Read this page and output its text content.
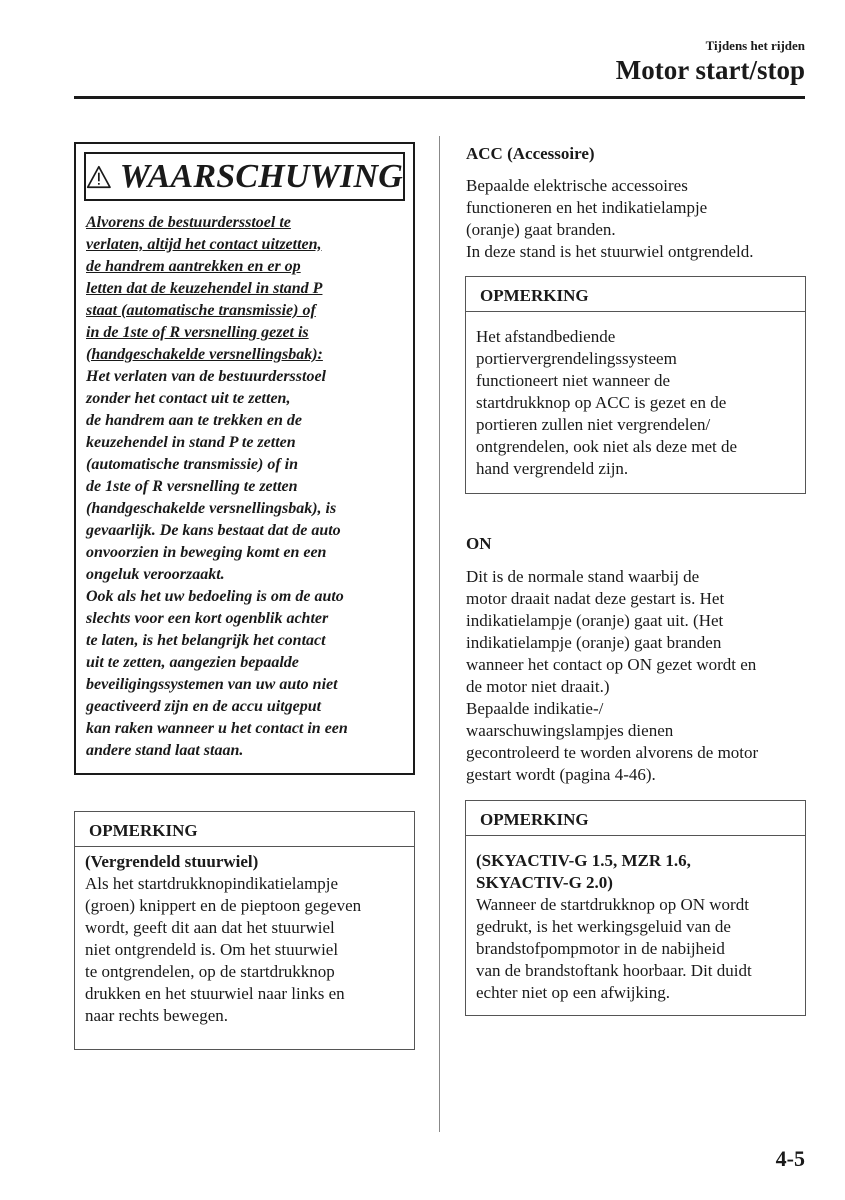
Tijdens het rijden
Motor start/stop
WAARSCHUWING
Alvorens de bestuurdersstoel te
verlaten, altijd het contact uitzetten,
de handrem aantrekken en er op
letten dat de keuzehendel in stand P
staat (automatische transmissie) of
in de 1ste of R versnelling gezet is
(handgeschakelde versnellingsbak):
Het verlaten van de bestuurdersstoel
zonder het contact uit te zetten,
de handrem aan te trekken en de
keuzehendel in stand P te zetten
(automatische transmissie) of in
de 1ste of R versnelling te zetten
(handgeschakelde versnellingsbak), is
gevaarlijk. De kans bestaat dat de auto
onvoorzien in beweging komt en een
ongeluk veroorzaakt.
Ook als het uw bedoeling is om de auto
slechts voor een kort ogenblik achter
te laten, is het belangrijk het contact
uit te zetten, aangezien bepaalde
beveiligingssystemen van uw auto niet
geactiveerd zijn en de accu uitgeput
kan raken wanneer u het contact in een
andere stand laat staan.
OPMERKING
(Vergrendeld stuurwiel)
Als het startdrukknopindikatielampje
(groen) knippert en de pieptoon gegeven
wordt, geeft dit aan dat het stuurwiel
niet ontgrendeld is. Om het stuurwiel
te ontgrendelen, op de startdrukknop
drukken en het stuurwiel naar links en
naar rechts bewegen.
ACC (Accessoire)
Bepaalde elektrische accessoires
functioneren en het indikatielampje
(oranje) gaat branden.
In deze stand is het stuurwiel ontgrendeld.
OPMERKING
Het afstandbediende
portiervergrendelingssysteem
functioneert niet wanneer de
startdrukknop op ACC is gezet en de
portieren zullen niet vergrendelen/
ontgrendelen, ook niet als deze met de
hand vergrendeld zijn.
ON
Dit is de normale stand waarbij de
motor draait nadat deze gestart is. Het
indikatielampje (oranje) gaat uit. (Het
indikatielampje (oranje) gaat branden
wanneer het contact op ON gezet wordt en
de motor niet draait.)
Bepaalde indikatie-/
waarschuwingslampjes dienen
gecontroleerd te worden alvorens de motor
gestart wordt (pagina 4-46).
OPMERKING
(SKYACTIV-G 1.5, MZR 1.6,
SKYACTIV-G 2.0)
Wanneer de startdrukknop op ON wordt
gedrukt, is het werkingsgeluid van de
brandstofpompmotor in de nabijheid
van de brandstoftank hoorbaar. Dit duidt
echter niet op een afwijking.
4-5
